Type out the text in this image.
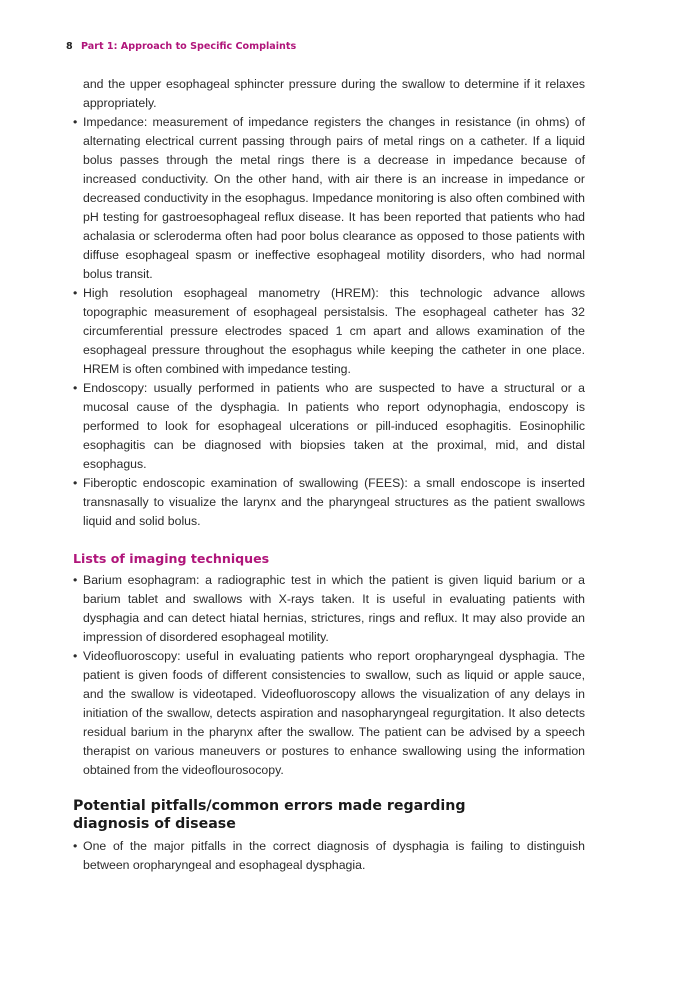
8 Part 1: Approach to Specific Complaints

and the upper esophageal sphincter pressure during the swallow to determine if it relaxes appropriately.

• Impedance: measurement of impedance registers the changes in resistance (in ohms) of alternating electrical current passing through pairs of metal rings on a catheter. If a liquid bolus passes through the metal rings there is a decrease in impedance because of increased conductivity. On the other hand, with air there is an increase in impedance or decreased conductivity in the esophagus. Impedance monitoring is also often combined with pH testing for gastroesophageal reflux disease. It has been reported that patients who had achalasia or scleroderma often had poor bolus clearance as opposed to those patients with diffuse esophageal spasm or ineffective esophageal motility disorders, who had normal bolus transit.
• High resolution esophageal manometry (HREM): this technologic advance allows topographic measurement of esophageal persistalsis. The esophageal catheter has 32 circumferential pressure electrodes spaced 1 cm apart and allows examination of the esophageal pressure throughout the esophagus while keeping the catheter in one place. HREM is often combined with impedance testing.
• Endoscopy: usually performed in patients who are suspected to have a structural or a mucosal cause of the dysphagia. In patients who report odynophagia, endoscopy is performed to look for esophageal ulcerations or pill-induced esophagitis. Eosinophilic esophagitis can be diagnosed with biopsies taken at the proximal, mid, and distal esophagus.
• Fiberoptic endoscopic examination of swallowing (FEES): a small endoscope is inserted transnasally to visualize the larynx and the pharyngeal structures as the patient swallows liquid and solid bolus.
Lists of imaging techniques
• Barium esophagram: a radiographic test in which the patient is given liquid barium or a barium tablet and swallows with X-rays taken. It is useful in evaluating patients with dysphagia and can detect hiatal hernias, strictures, rings and reflux. It may also provide an impression of disordered esophageal motility.
• Videofluoroscopy: useful in evaluating patients who report oropharyngeal dysphagia. The patient is given foods of different consistencies to swallow, such as liquid or apple sauce, and the swallow is videotaped. Videofluoroscopy allows the visualization of any delays in initiation of the swallow, detects aspiration and nasopharyngeal regurgitation. It also detects residual barium in the pharynx after the swallow. The patient can be advised by a speech therapist on various maneuvers or postures to enhance swallowing using the information obtained from the videoflourosocopy.
Potential pitfalls/common errors made regarding diagnosis of disease
• One of the major pitfalls in the correct diagnosis of dysphagia is failing to distinguish between oropharyngeal and esophageal dysphagia.
